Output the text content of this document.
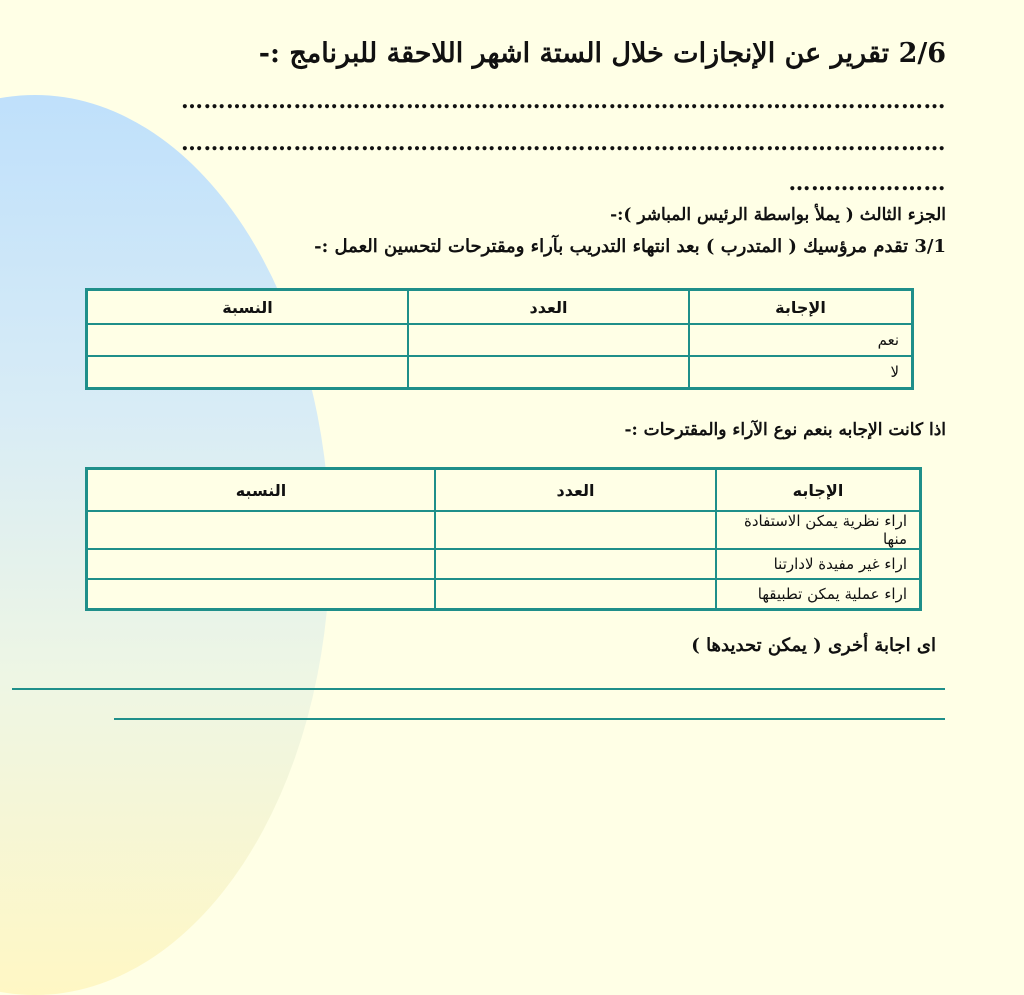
2/6 تقرير عن الإنجازات خلال الستة اشهر اللاحقة للبرنامج :-
…………………………………………………………………………………………
…………………………………………………………………………………………
…………………
الجزء الثالث ( يملأ بواسطة الرئيس المباشر ):-
3/1 تقدم مرؤسيك ( المتدرب ) بعد انتهاء التدريب بآراء ومقترحات لتحسين العمل :-
الإجابة	العدد	النسبة
نعم		
لا		
اذا كانت الإجابه بنعم نوع الآراء والمقترحات :-
الإجابه	العدد	النسبه
اراء نظرية يمكن الاستفادة منها		
اراء غير مفيدة لادارتنا		
اراء عملية يمكن تطبيقها		
اى اجابة أخرى ( يمكن تحديدها )
